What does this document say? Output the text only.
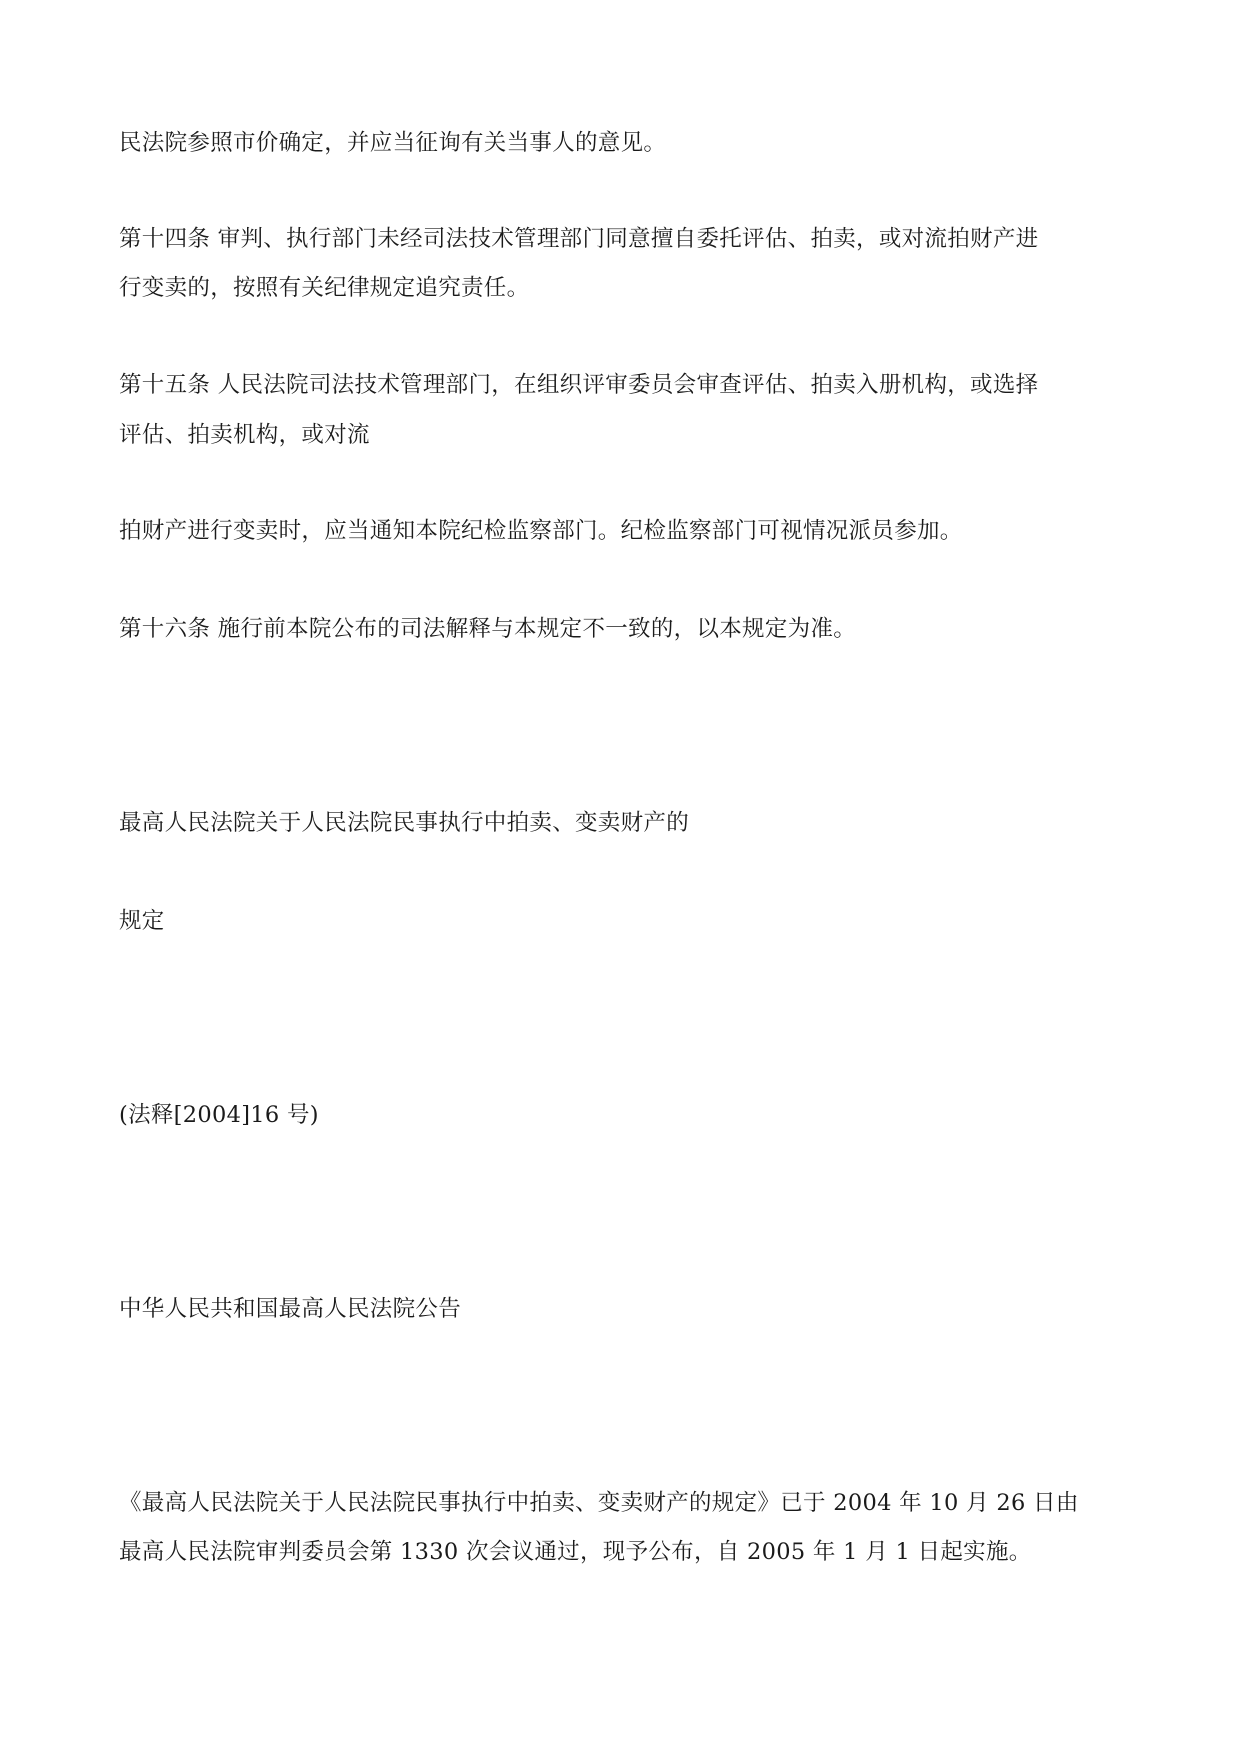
民法院参照市价确定，并应当征询有关当事人的意见。
第十四条 审判、执行部门未经司法技术管理部门同意擅自委托评估、拍卖，或对流拍财产进
行变卖的，按照有关纪律规定追究责任。
第十五条 人民法院司法技术管理部门，在组织评审委员会审查评估、拍卖入册机构，或选择
评估、拍卖机构，或对流
拍财产进行变卖时，应当通知本院纪检监察部门。纪检监察部门可视情况派员参加。
第十六条 施行前本院公布的司法解释与本规定不一致的，以本规定为准。
最高人民法院关于人民法院民事执行中拍卖、变卖财产的
规定
(法释[2004]16 号)
中华人民共和国最高人民法院公告
《最高人民法院关于人民法院民事执行中拍卖、变卖财产的规定》已于 2004 年 10 月 26 日由
最高人民法院审判委员会第 1330 次会议通过，现予公布，自 2005 年 1 月 1 日起实施。
